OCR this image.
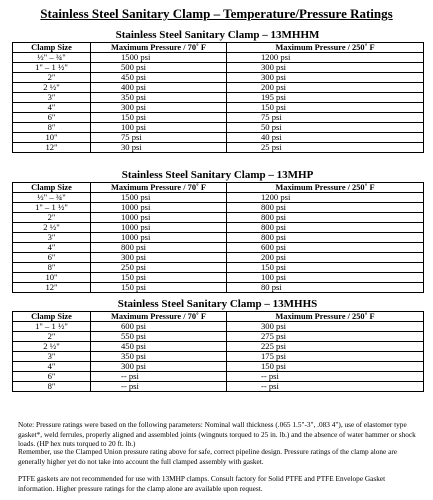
Stainless Steel Sanitary Clamp – Temperature/Pressure Ratings
Stainless Steel Sanitary Clamp – 13MHHM
Clamp Size	Maximum Pressure / 70˚ F	Maximum Pressure / 250˚ F
½" – ¾"	1500 psi	1200 psi
1" – 1 ½"	500 psi	300 psi
2"	450 psi	300 psi
2 ½"	400 psi	200 psi
3"	350 psi	195 psi
4"	300 psi	150 psi
6"	150 psi	75 psi
8"	100 psi	50 psi
10"	75 psi	40 psi
12"	30 psi	25 psi
Stainless Steel Sanitary Clamp – 13MHP
Clamp Size	Maximum Pressure / 70˚ F	Maximum Pressure / 250˚ F
½" – ¾"	1500 psi	1200 psi
1" – 1 ½"	1000 psi	800 psi
2"	1000 psi	800 psi
2 ½"	1000 psi	800 psi
3"	1000 psi	800 psi
4"	800 psi	600 psi
6"	300 psi	200 psi
8"	250 psi	150 psi
10"	150 psi	100 psi
12"	150 psi	80 psi
Stainless Steel Sanitary Clamp – 13MHHS
Clamp Size	Maximum Pressure / 70˚ F	Maximum Pressure / 250˚ F
1" – 1 ½"	600 psi	300 psi
2"	550 psi	275 psi
2 ½"	450 psi	225 psi
3"	350 psi	175 psi
4"	300 psi	150 psi
6"	-- psi	-- psi
8"	-- psi	-- psi

Note: Pressure ratings were based on the following parameters: Nominal wall thickness (.065 1.5"-3", .083 4"), use of elastomer type gasket*, weld ferrules, properly aligned and assembled joints (wingnuts torqued to 25 in. lb.) and the absence of water hammer or shock loads. (HP hex nuts torqued to 20 ft. lb.)

Remember, use the Clamped Union pressure rating above for safe, correct pipeline design. Pressure ratings of the clamp alone are generally higher yet do not take into account the full clamped assembly with gasket.

PTFE gaskets are not recommended for use with 13MHP clamps. Consult factory for Solid PTFE and PTFE Envelope Gasket information. Higher pressure ratings for the clamp alone are available upon request.
